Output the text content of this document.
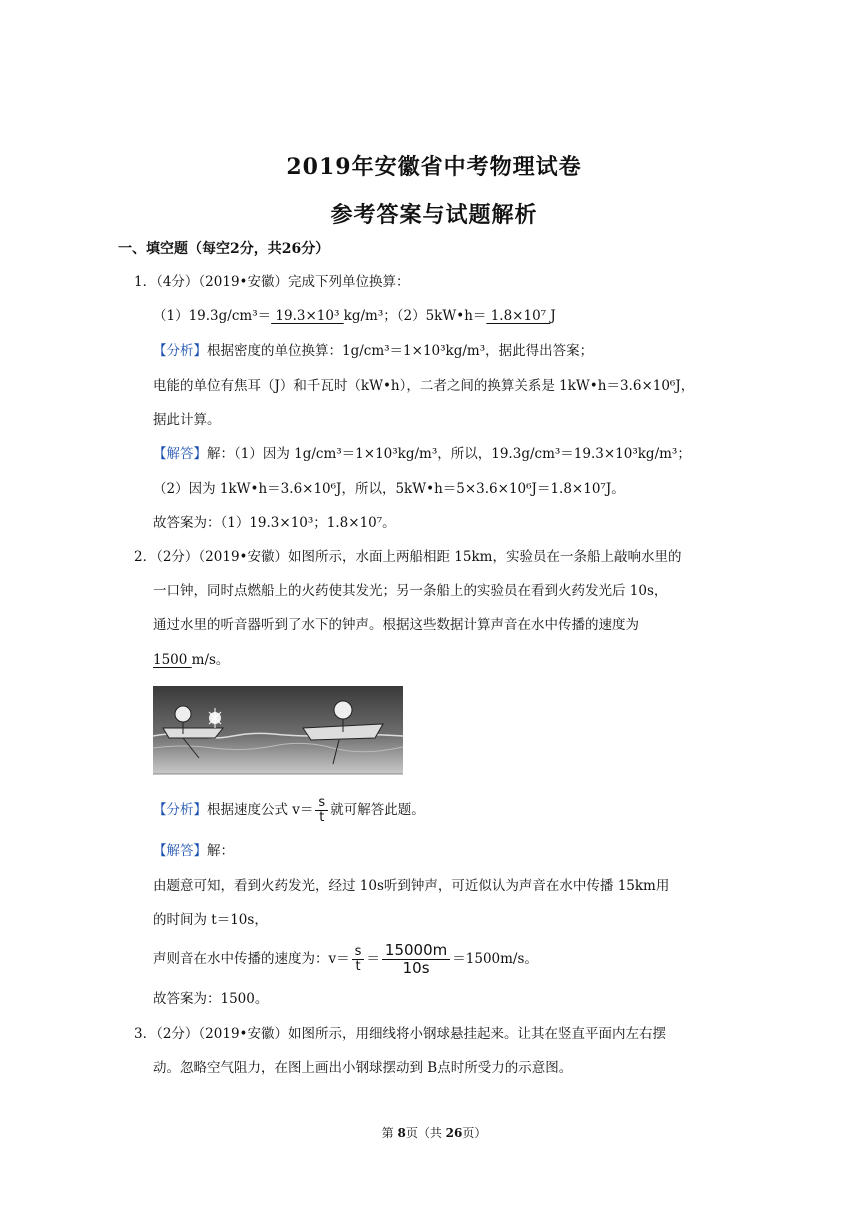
2019年安徽省中考物理试卷
参考答案与试题解析
一、填空题（每空2分，共26分）
1．（4分）（2019•安徽）完成下列单位换算：
（1）19.3g/cm³＝ 19.3×10³ kg/m³；（2）5kW•h＝ 1.8×10⁷ J
【分析】根据密度的单位换算：1g/cm³＝1×10³kg/m³，据此得出答案；
电能的单位有焦耳（J）和千瓦时（kW•h），二者之间的换算关系是 1kW•h＝3.6×10⁶J，
据此计算。
【解答】解：（1）因为 1g/cm³＝1×10³kg/m³，所以，19.3g/cm³＝19.3×10³kg/m³；
（2）因为 1kW•h＝3.6×10⁶J，所以，5kW•h＝5×3.6×10⁶J＝1.8×10⁷J。
故答案为：（1）19.3×10³；1.8×10⁷。
2．（2分）（2019•安徽）如图所示，水面上两船相距 15km，实验员在一条船上敲响水里的
一口钟，同时点燃船上的火药使其发光；另一条船上的实验员在看到火药发光后 10s，
通过水里的听音器听到了水下的钟声。根据这些数据计算声音在水中传播的速度为
1500 m/s。
【分析】根据速度公式 $v= \frac{s}{t}$ 就可解答此题。
【解答】解：
由题意可知，看到火药发光，经过 10s听到钟声，可近似认为声音在水中传播 15km用
的时间为 t＝10s，
声则音在水中传播的速度为：$v= \frac{s}{t} = \frac{15000m}{10s} =1500m/s$。
故答案为：1500。
3．（2分）（2019•安徽）如图所示，用细线将小钢球悬挂起来。让其在竖直平面内左右摆
动。忽略空气阻力，在图上画出小钢球摆动到 B点时所受力的示意图。
第 8页（共 26页）
